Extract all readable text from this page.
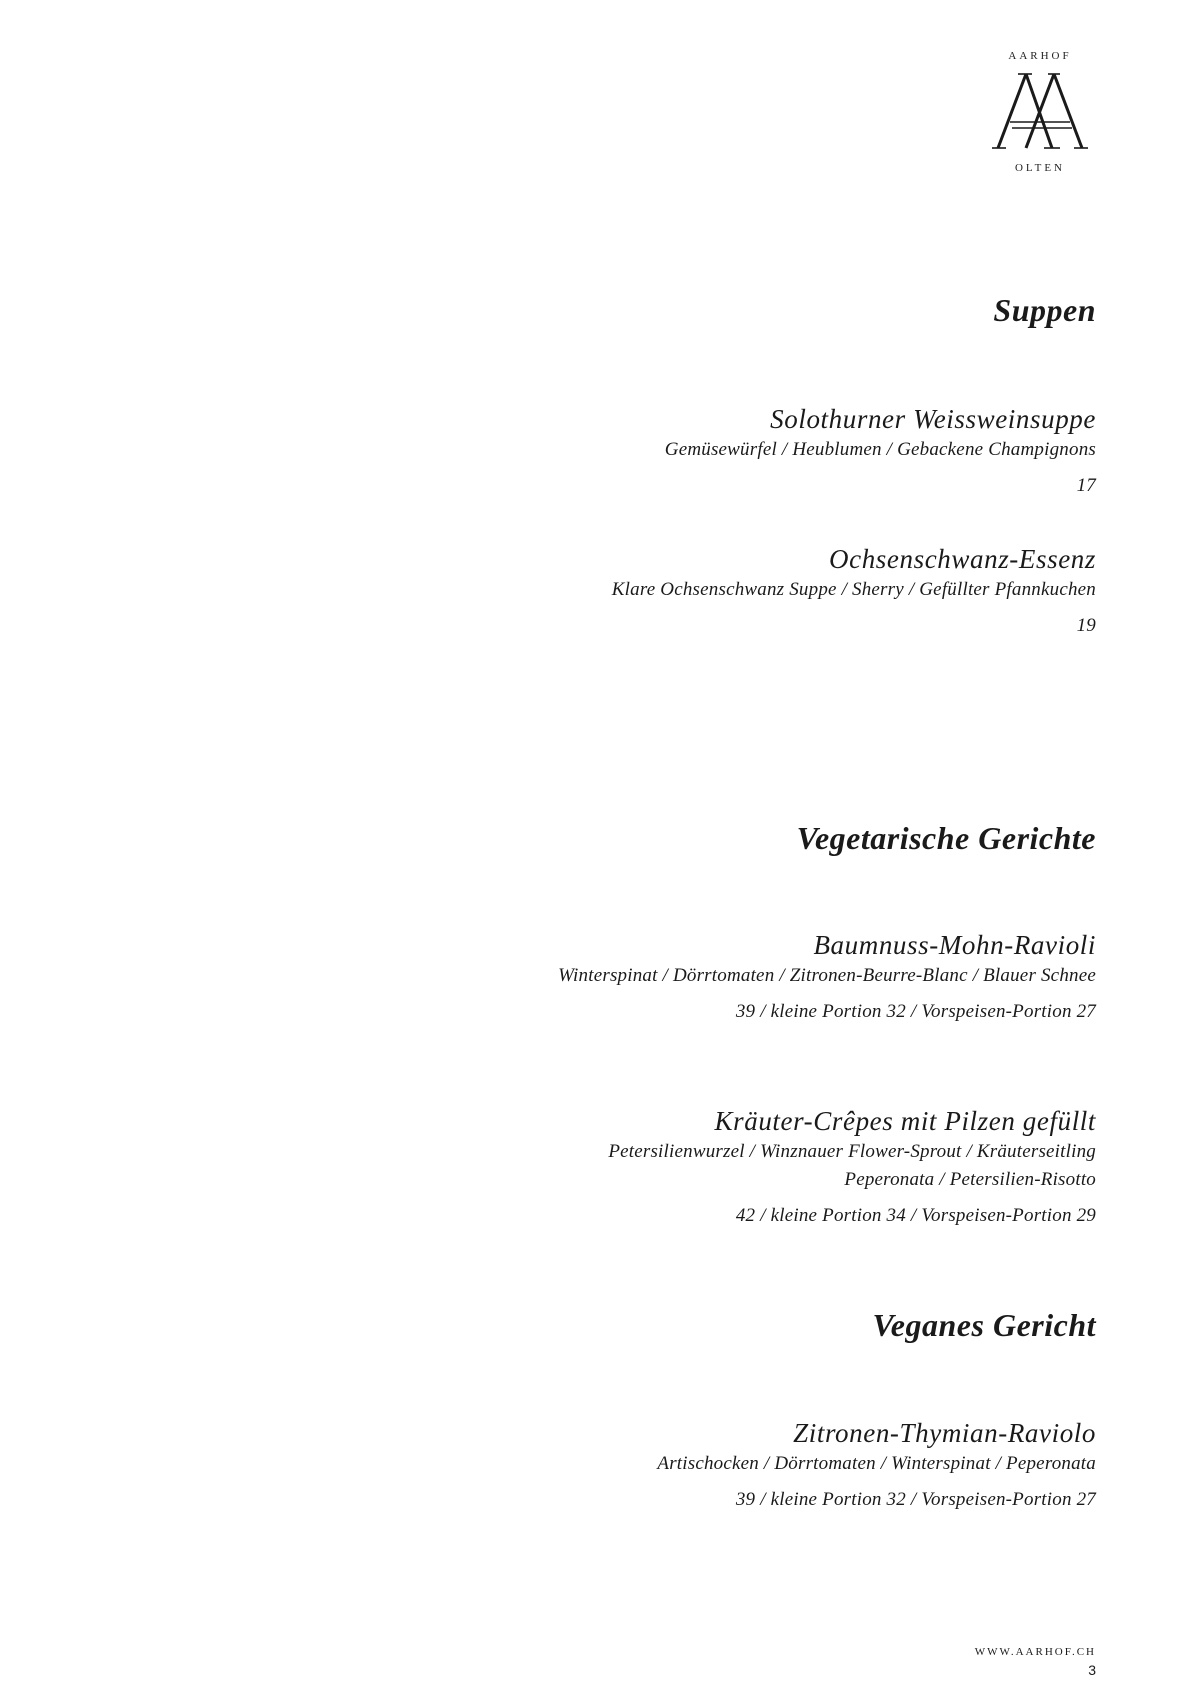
AARHOF
OLTEN
Suppen
Solothurner Weissweinsuppe
Gemüsewürfel / Heublumen / Gebackene Champignons
17
Ochsenschwanz-Essenz
Klare Ochsenschwanz Suppe / Sherry / Gefüllter Pfannkuchen
19
Vegetarische Gerichte
Baumnuss-Mohn-Ravioli
Winterspinat / Dörrtomaten / Zitronen-Beurre-Blanc / Blauer Schnee
39 / kleine Portion 32 / Vorspeisen-Portion 27
Kräuter-Crêpes mit Pilzen gefüllt
Petersilienwurzel / Winznauer Flower-Sprout / Kräuterseitling
Peperonata / Petersilien-Risotto
42 / kleine Portion 34 / Vorspeisen-Portion 29
Veganes Gericht
Zitronen-Thymian-Raviolo
Artischocken / Dörrtomaten / Winterspinat / Peperonata
39 / kleine Portion 32 / Vorspeisen-Portion 27
WWW.AARHOF.CH
3
